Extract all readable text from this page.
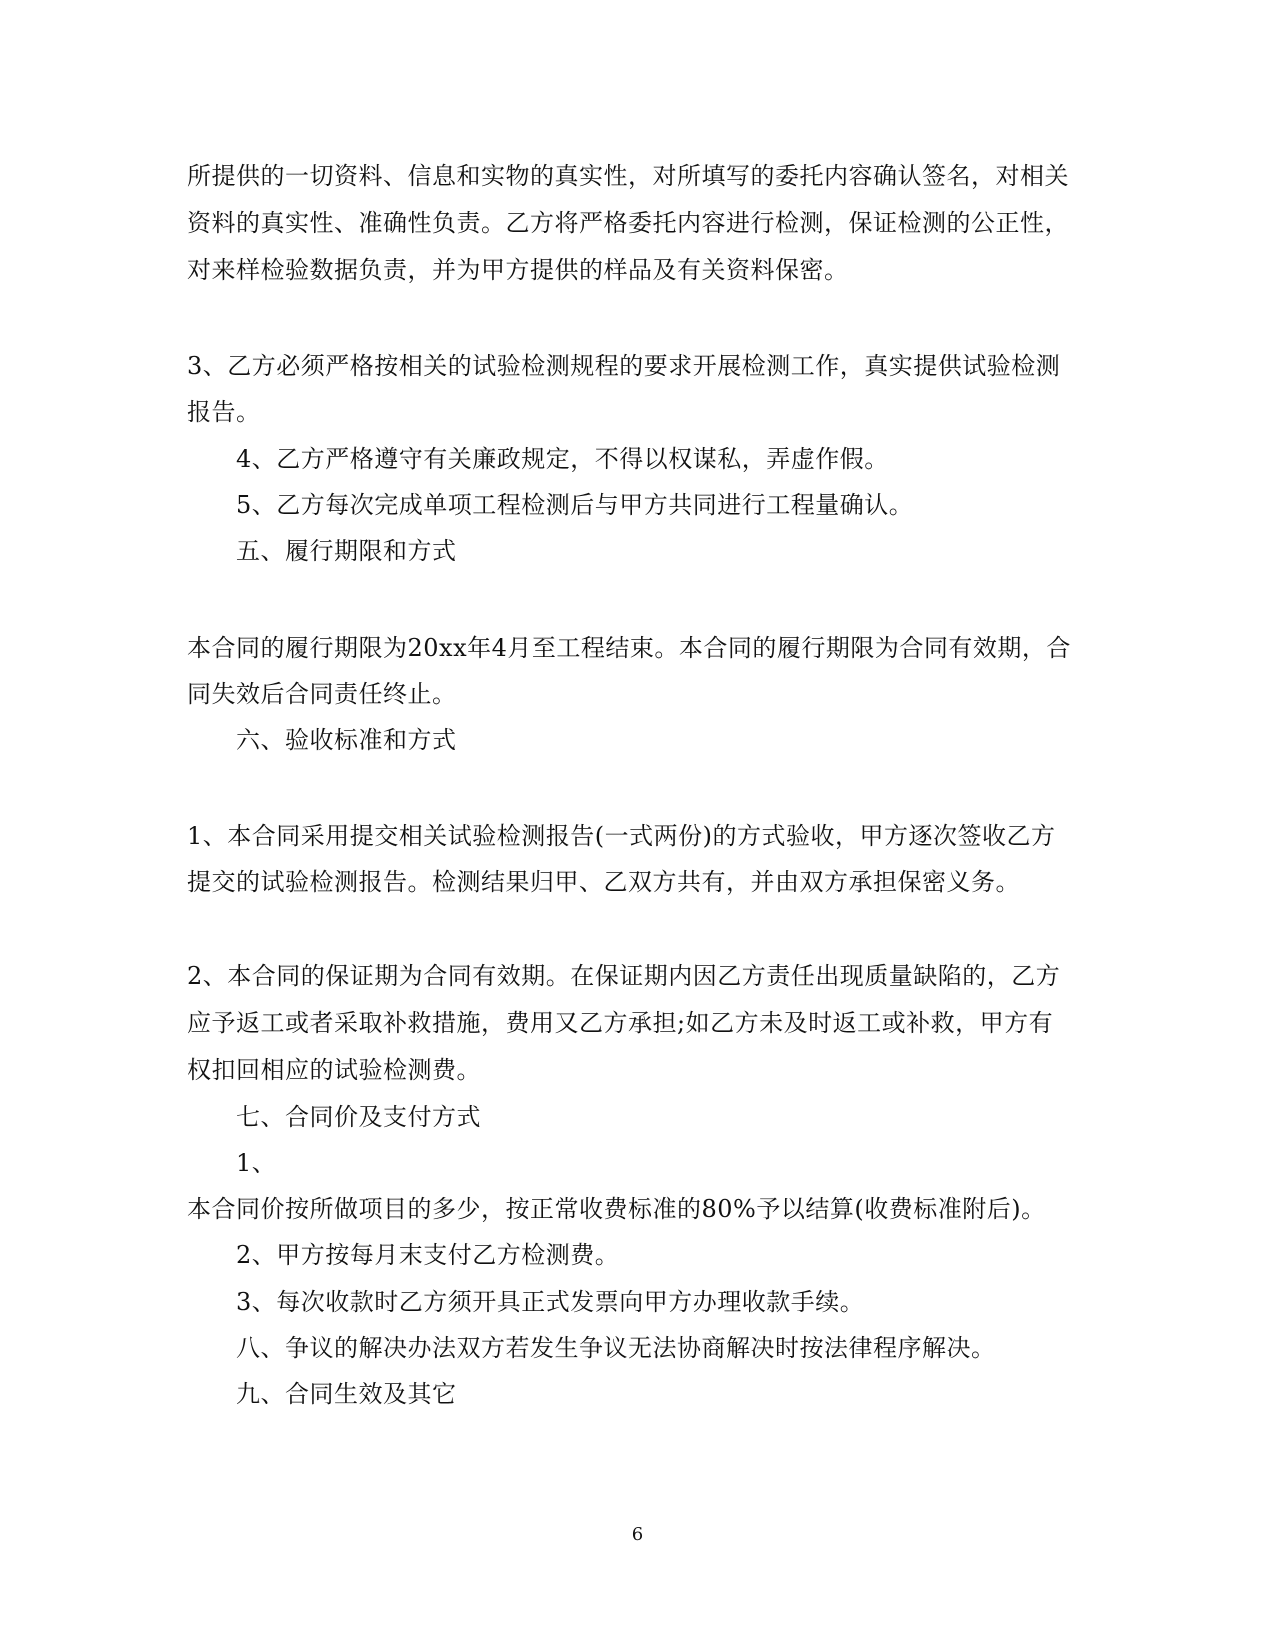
所提供的一切资料、信息和实物的真实性，对所填写的委托内容确认签名，对相关
资料的真实性、准确性负责。乙方将严格委托内容进行检测，保证检测的公正性，
对来样检验数据负责，并为甲方提供的样品及有关资料保密。
3、乙方必须严格按相关的试验检测规程的要求开展检测工作，真实提供试验检测
报告。
4、乙方严格遵守有关廉政规定，不得以权谋私，弄虚作假。
5、乙方每次完成单项工程检测后与甲方共同进行工程量确认。
五、履行期限和方式
本合同的履行期限为20xx年4月至工程结束。本合同的履行期限为合同有效期，合
同失效后合同责任终止。
六、验收标准和方式
1、本合同采用提交相关试验检测报告(一式两份)的方式验收，甲方逐次签收乙方
提交的试验检测报告。检测结果归甲、乙双方共有，并由双方承担保密义务。
2、本合同的保证期为合同有效期。在保证期内因乙方责任出现质量缺陷的，乙方
应予返工或者采取补救措施，费用又乙方承担;如乙方未及时返工或补救，甲方有
权扣回相应的试验检测费。
七、合同价及支付方式
1、
本合同价按所做项目的多少，按正常收费标准的80%予以结算(收费标准附后)。
2、甲方按每月末支付乙方检测费。
3、每次收款时乙方须开具正式发票向甲方办理收款手续。
八、争议的解决办法双方若发生争议无法协商解决时按法律程序解决。
九、合同生效及其它
6
